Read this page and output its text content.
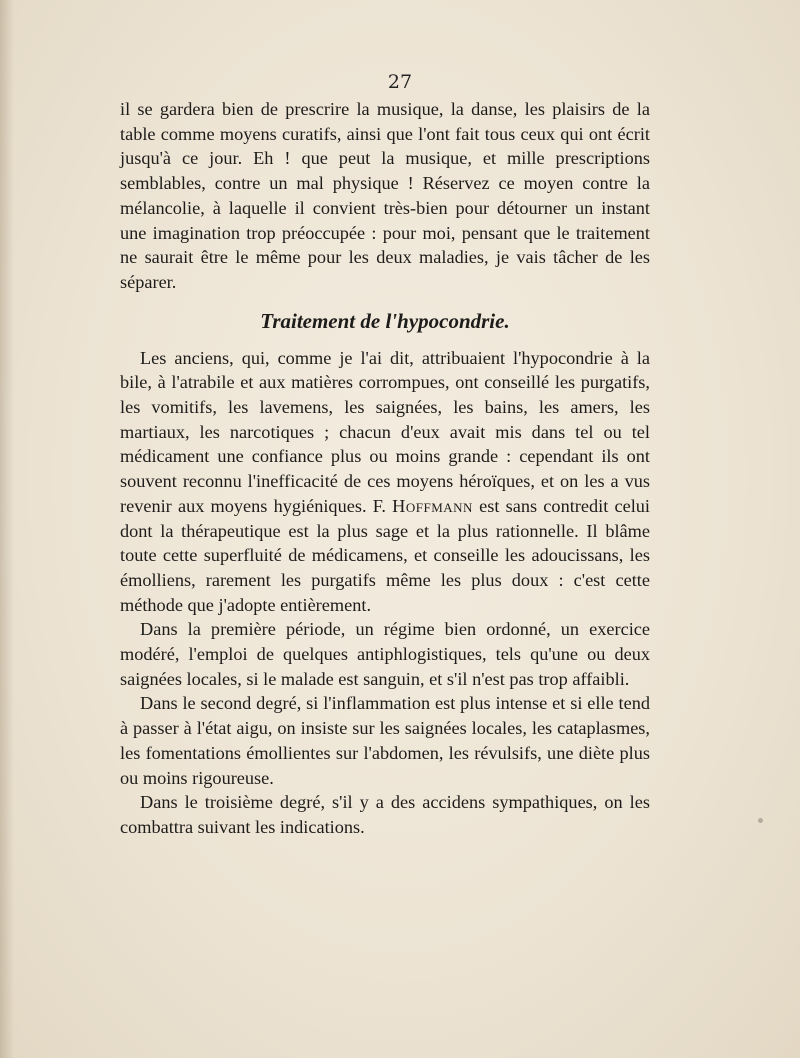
27

il se gardera bien de prescrire la musique, la danse, les plaisirs de la table comme moyens curatifs, ainsi que l'ont fait tous ceux qui ont écrit jusqu'à ce jour. Eh ! que peut la musique, et mille prescriptions semblables, contre un mal physique ! Réservez ce moyen contre la mélancolie, à laquelle il convient très-bien pour détourner un instant une imagination trop préoccupée : pour moi, pensant que le traitement ne saurait être le même pour les deux maladies, je vais tâcher de les séparer.

Traitement de l'hypocondrie.

Les anciens, qui, comme je l'ai dit, attribuaient l'hypocondrie à la bile, à l'atrabile et aux matières corrompues, ont conseillé les purgatifs, les vomitifs, les lavemens, les saignées, les bains, les amers, les martiaux, les narcotiques ; chacun d'eux avait mis dans tel ou tel médicament une confiance plus ou moins grande : cependant ils ont souvent reconnu l'inefficacité de ces moyens héroïques, et on les a vus revenir aux moyens hygiéniques. F. Hoffmann est sans contredit celui dont la thérapeutique est la plus sage et la plus rationnelle. Il blâme toute cette superfluité de médicamens, et conseille les adoucissans, les émolliens, rarement les purgatifs même les plus doux : c'est cette méthode que j'adopte entièrement.

Dans la première période, un régime bien ordonné, un exercice modéré, l'emploi de quelques antiphlogistiques, tels qu'une ou deux saignées locales, si le malade est sanguin, et s'il n'est pas trop affaibli.

Dans le second degré, si l'inflammation est plus intense et si elle tend à passer à l'état aigu, on insiste sur les saignées locales, les cataplasmes, les fomentations émollientes sur l'abdomen, les révulsifs, une diète plus ou moins rigoureuse.

Dans le troisième degré, s'il y a des accidens sympathiques, on les combattra suivant les indications.
